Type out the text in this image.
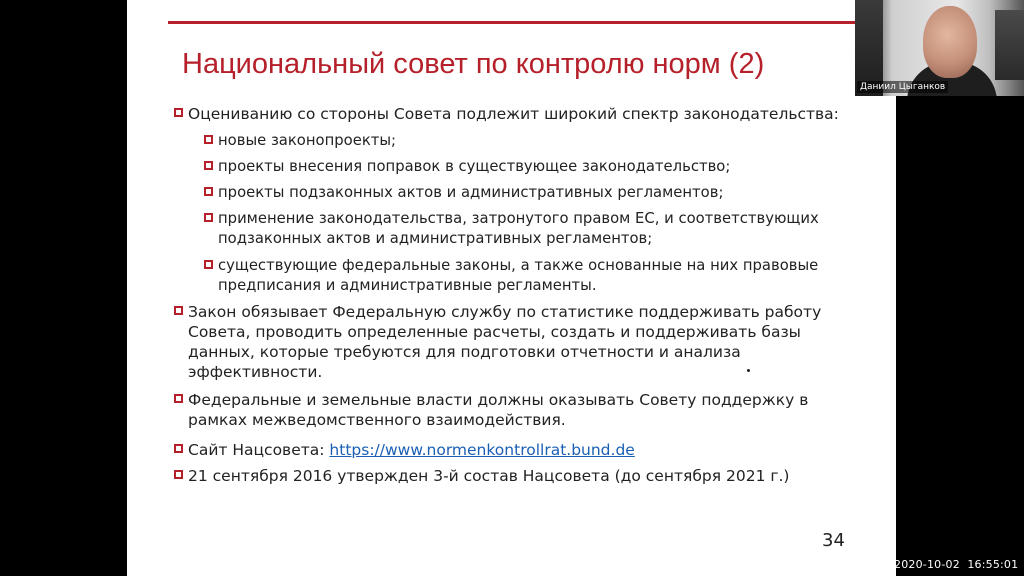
Национальный совет по контролю норм (2)
Оцениванию со стороны Совета подлежит широкий спектр законодательства:
новые законопроекты;
проекты внесения поправок в существующее законодательство;
проекты подзаконных актов и административных регламентов;
применение законодательства, затронутого правом ЕС, и соответствующих подзаконных актов и административных регламентов;
существующие федеральные законы, а также основанные на них правовые предписания и административные регламенты.
Закон обязывает Федеральную службу по статистике поддерживать работу Совета, проводить определенные расчеты, создать и поддерживать базы данных, которые требуются для подготовки отчетности и анализа эффективности.
Федеральные и земельные власти должны оказывать Совету поддержку в рамках межведомственного взаимодействия.
Сайт Нацсовета: https://www.normenkontrollrat.bund.de
21 сентября 2016 утвержден 3-й состав Нацсовета (до сентября 2021 г.)
34
Даниил Цыганков
2020-10-02  16:55:01
